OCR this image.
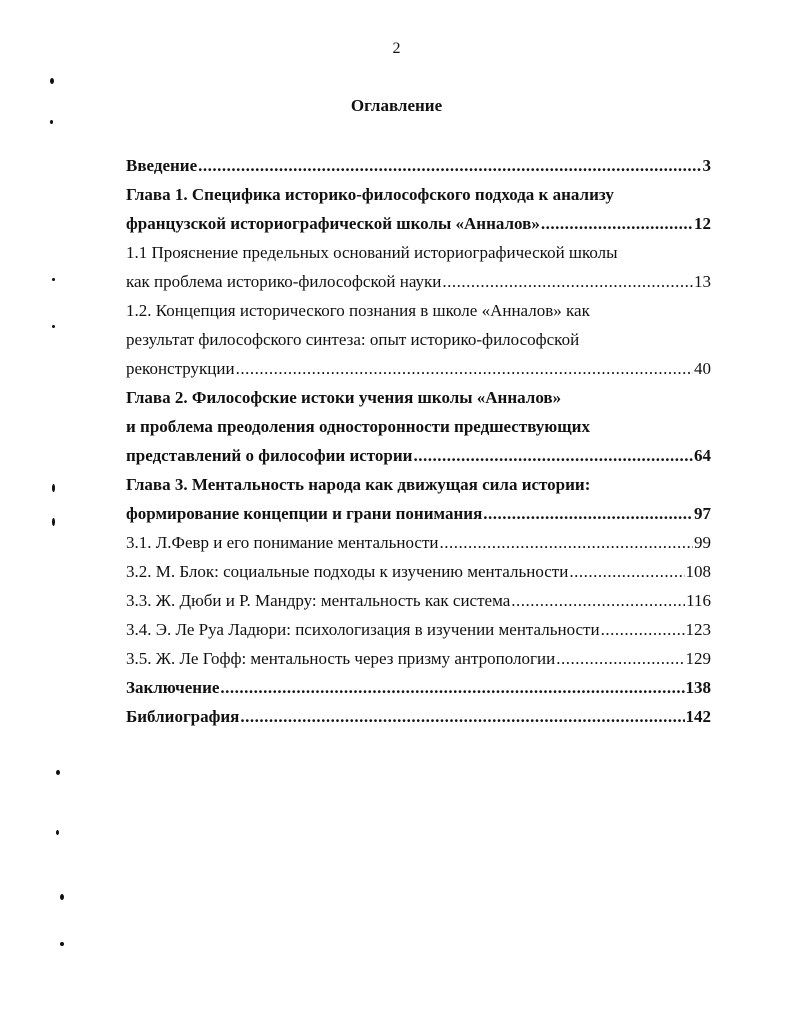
2
Оглавление
Введение .....	3
Глава 1. Специфика историко-философского подхода к анализу
французской историографической школы «Анналов» .....	12
1.1 Прояснение предельных оснований историографической школы
как проблема историко-философской науки .....	13
1.2. Концепция исторического познания в школе «Анналов» как
результат философского синтеза: опыт историко-философской
реконструкции .....	40
Глава 2. Философские истоки учения школы «Анналов»
и проблема преодоления односторонности предшествующих
представлений о философии истории .....	64
Глава 3. Ментальность народа как движущая сила истории:
формирование концепции и грани понимания .....	97
3.1. Л.Февр и его понимание ментальности .....	99
3.2. М. Блок: социальные подходы к изучению ментальности .....	108
3.3. Ж. Дюби и Р. Мандру: ментальность как система .....	116
3.4. Э. Ле Руа Ладюри: психологизация в изучении ментальности .....	123
3.5. Ж. Ле Гофф: ментальность через призму антропологии .....	129
Заключение .....	138
Библиография .....	142
